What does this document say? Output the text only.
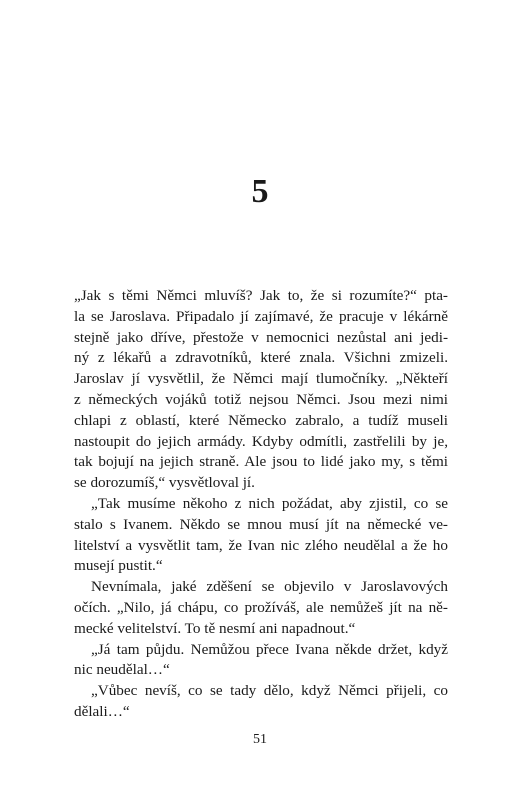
5

„Jak s těmi Němci mluvíš? Jak to, že si rozumíte?“ pta-
la se Jaroslava. Připadalo jí zajímavé, že pracuje v lékárně
stejně jako dříve, přestože v nemocnici nezůstal ani jedi-
ný z lékařů a zdravotníků, které znala. Všichni zmizeli.
Jaroslav jí vysvětlil, že Němci mají tlumočníky. „Někteří
z německých vojáků totiž nejsou Němci. Jsou mezi nimi
chlapi z oblastí, které Německo zabralo, a tudíž museli
nastoupit do jejich armády. Kdyby odmítli, zastřelili by je,
tak bojují na jejich straně. Ale jsou to lidé jako my, s těmi
se dorozumíš,“ vysvětloval jí.

„Tak musíme někoho z nich požádat, aby zjistil, co se
stalo s Ivanem. Někdo se mnou musí jít na německé ve-
litelství a vysvětlit tam, že Ivan nic zlého neudělal a že ho
musejí pustit.“

Nevnímala, jaké zděšení se objevilo v Jaroslavových
očích. „Nilo, já chápu, co prožíváš, ale nemůžeš jít na ně-
mecké velitelství. To tě nesmí ani napadnout.“

„Já tam půjdu. Nemůžou přece Ivana někde držet, když
nic neudělal…“

„Vůbec nevíš, co se tady dělo, když Němci přijeli, co
dělali…“

51
